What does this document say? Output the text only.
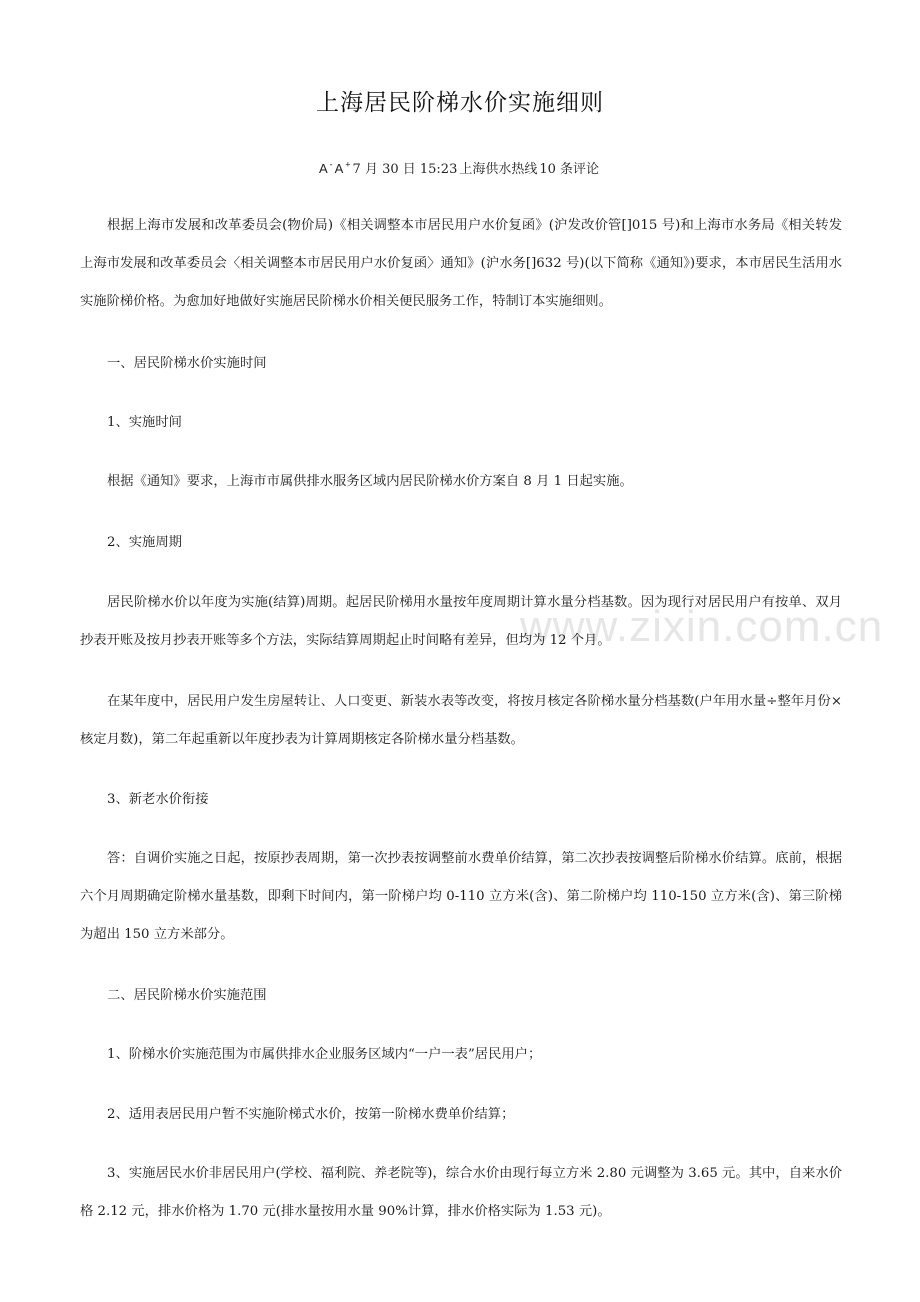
www.zixin.com.cn
上海居民阶梯水价实施细则
A - A + 7 月 30 日 15:23 上海供水热线 10 条评论

根据上海市发展和改革委员会(物价局)《相关调整本市居民用户水价复函》(沪发改价管[]015 号)和上海市水务局《相关转发上海市发展和改革委员会〈相关调整本市居民用户水价复函〉通知》(沪水务[]632 号)(以下简称《通知》)要求，本市居民生活用水实施阶梯价格。为愈加好地做好实施居民阶梯水价相关便民服务工作，特制订本实施细则。

一、居民阶梯水价实施时间

1、实施时间

根据《通知》要求，上海市市属供排水服务区域内居民阶梯水价方案自 8 月 1 日起实施。

2、实施周期

居民阶梯水价以年度为实施(结算)周期。起居民阶梯用水量按年度周期计算水量分档基数。因为现行对居民用户有按单、双月抄表开账及按月抄表开账等多个方法，实际结算周期起止时间略有差异，但均为 12 个月。

在某年度中，居民用户发生房屋转让、人口变更、新装水表等改变，将按月核定各阶梯水量分档基数(户年用水量÷整年月份×核定月数)，第二年起重新以年度抄表为计算周期核定各阶梯水量分档基数。

3、新老水价衔接

答：自调价实施之日起，按原抄表周期，第一次抄表按调整前水费单价结算，第二次抄表按调整后阶梯水价结算。底前，根据六个月周期确定阶梯水量基数，即剩下时间内，第一阶梯户均 0-110 立方米(含)、第二阶梯户均 110-150 立方米(含)、第三阶梯为超出 150 立方米部分。

二、居民阶梯水价实施范围

1、阶梯水价实施范围为市属供排水企业服务区域内“一户一表”居民用户；

2、适用表居民用户暂不实施阶梯式水价，按第一阶梯水费单价结算；

3、实施居民水价非居民用户(学校、福利院、养老院等)，综合水价由现行每立方米 2.80 元调整为 3.65 元。其中，自来水价格 2.12 元，排水价格为 1.70 元(排水量按用水量 90%计算，排水价格实际为 1.53 元)。
